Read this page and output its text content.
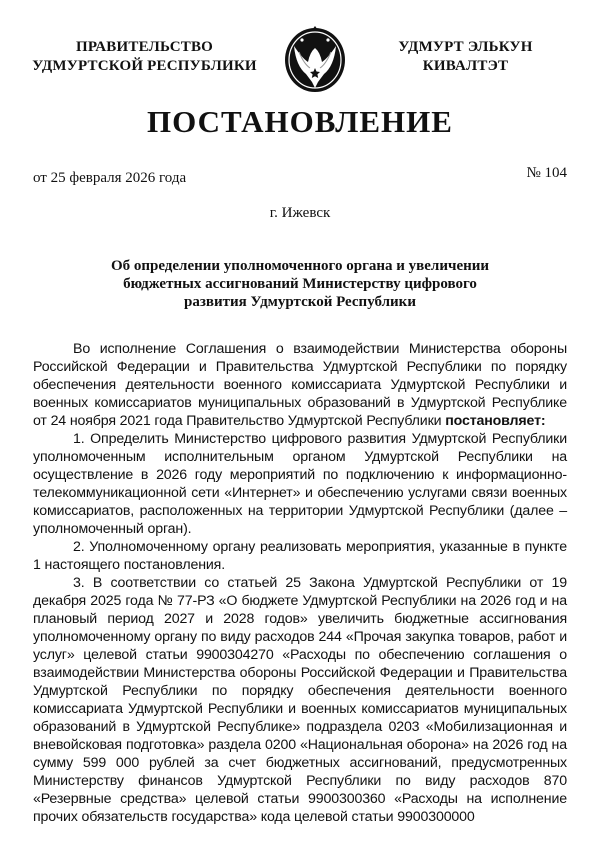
ПРАВИТЕЛЬСТВО
УДМУРТСКОЙ РЕСПУБЛИКИ
УДМУРТ ЭЛЬКУН
КИВАЛТЭТ
ПОСТАНОВЛЕНИЕ
от 25 февраля 2026 года	№ 104
г. Ижевск
Об определении уполномоченного органа и увеличении
бюджетных ассигнований Министерству цифрового
развития Удмуртской Республики

Во исполнение Соглашения о взаимодействии Министерства обороны Российской Федерации и Правительства Удмуртской Республики по порядку обеспечения деятельности военного комиссариата Удмуртской Республики и военных комиссариатов муниципальных образований в Удмуртской Республике от 24 ноября 2021 года Правительство Удмуртской Республики постановляет:

1. Определить Министерство цифрового развития Удмуртской Республики уполномоченным исполнительным органом Удмуртской Республики на осуществление в 2026 году мероприятий по подключению к информационно-телекоммуникационной сети «Интернет» и обеспечению услугами связи военных комиссариатов, расположенных на территории Удмуртской Республики (далее – уполномоченный орган).

2. Уполномоченному органу реализовать мероприятия, указанные в пункте 1 настоящего постановления.

3. В соответствии со статьей 25 Закона Удмуртской Республики от 19 декабря 2025 года № 77-РЗ «О бюджете Удмуртской Республики на 2026 год и на плановый период 2027 и 2028 годов» увеличить бюджетные ассигнования уполномоченному органу по виду расходов 244 «Прочая закупка товаров, работ и услуг» целевой статьи 9900304270 «Расходы по обеспечению соглашения о взаимодействии Министерства обороны Российской Федерации и Правительства Удмуртской Республики по порядку обеспечения деятельности военного комиссариата Удмуртской Республики и военных комиссариатов муниципальных образований в Удмуртской Республике» подраздела 0203 «Мобилизационная и вневойсковая подготовка» раздела 0200 «Национальная оборона» на 2026 год на сумму 599 000 рублей за счет бюджетных ассигнований, предусмотренных Министерству финансов Удмуртской Республики по виду расходов 870 «Резервные средства» целевой статьи 9900300360 «Расходы на исполнение прочих обязательств государства» кода целевой статьи 9900300000
